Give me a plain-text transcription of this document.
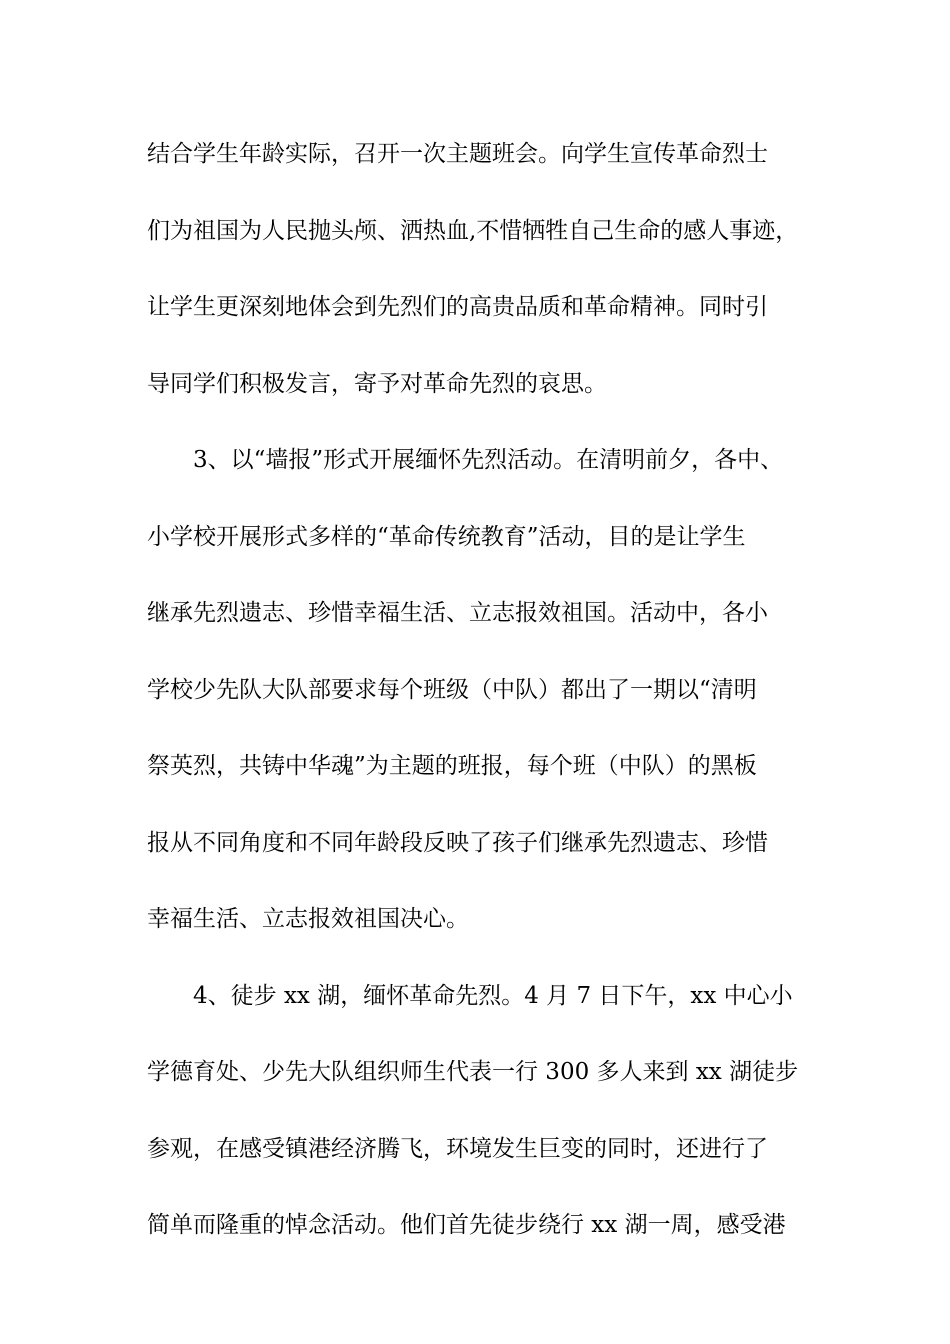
结合学生年龄实际，召开一次主题班会。向学生宣传革命烈士
们为祖国为人民抛头颅、洒热血,不惜牺牲自己生命的感人事迹，
让学生更深刻地体会到先烈们的高贵品质和革命精神。同时引
导同学们积极发言，寄予对革命先烈的哀思。
3、以“墙报”形式开展缅怀先烈活动。在清明前夕，各中、
小学校开展形式多样的“革命传统教育”活动，目的是让学生
继承先烈遗志、珍惜幸福生活、立志报效祖国。活动中，各小
学校少先队大队部要求每个班级（中队）都出了一期以“清明
祭英烈，共铸中华魂”为主题的班报，每个班（中队）的黑板
报从不同角度和不同年龄段反映了孩子们继承先烈遗志、珍惜
幸福生活、立志报效祖国决心。
4、徒步 xx 湖，缅怀革命先烈。4 月 7 日下午，xx 中心小
学德育处、少先大队组织师生代表一行 300 多人来到 xx 湖徒步
参观，在感受镇港经济腾飞，环境发生巨变的同时，还进行了
简单而隆重的悼念活动。他们首先徒步绕行 xx 湖一周，感受港
